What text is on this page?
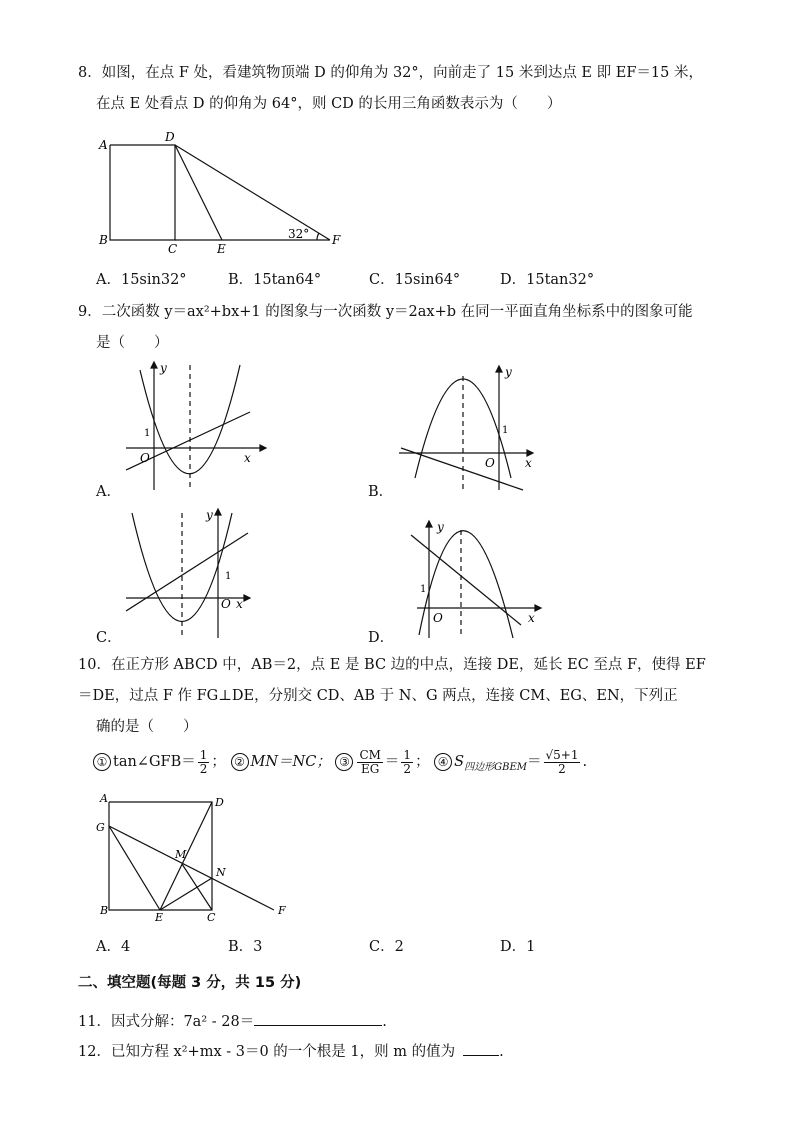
8．如图，在点 F 处，看建筑物顶端 D 的仰角为 32°，向前走了 15 米到达点 E 即 EF＝15 米，
在点 E 处看点 D 的仰角为 64°，则 CD 的长用三角函数表示为（　　）
A
D
B
C	E
F
32°
A．15sin32°	B．15tan64°	C．15sin64°	D．15tan32°
9．二次函数 y＝ax²+bx+1 的图象与一次函数 y＝2ax+b 在同一平面直角坐标系中的图象可能
是（　　）
y
x
O
1
A．
y
x
O
1
B．
y
x
O
1
C．
y
x
O
1
D．
10．在正方形 ABCD 中，AB＝2，点 E 是 BC 边的中点，连接 DE，延长 EC 至点 F，使得 EF
＝DE，过点 F 作 FG⊥DE，分别交 CD、AB 于 N、G 两点，连接 CM、EG、EN，下列正
确的是（　　）
① tan∠GFB＝ $\frac{1}{2}$ ； ② MN＝NC； ③ $\frac{CM}{EG} = \frac{1}{2}$ ； ④ $S_{四边形GBEM}= \frac{√5+1}{2}$ .
A	D
G
M
N
B
E	C
F
A．4	B．3	C．2	D．1
二、填空题(每题 3 分，共 15 分)
11．因式分解：7a² - 28＝	.
12．已知方程 x²+mx - 3＝0 的一个根是 1，则 m 的值为	.
